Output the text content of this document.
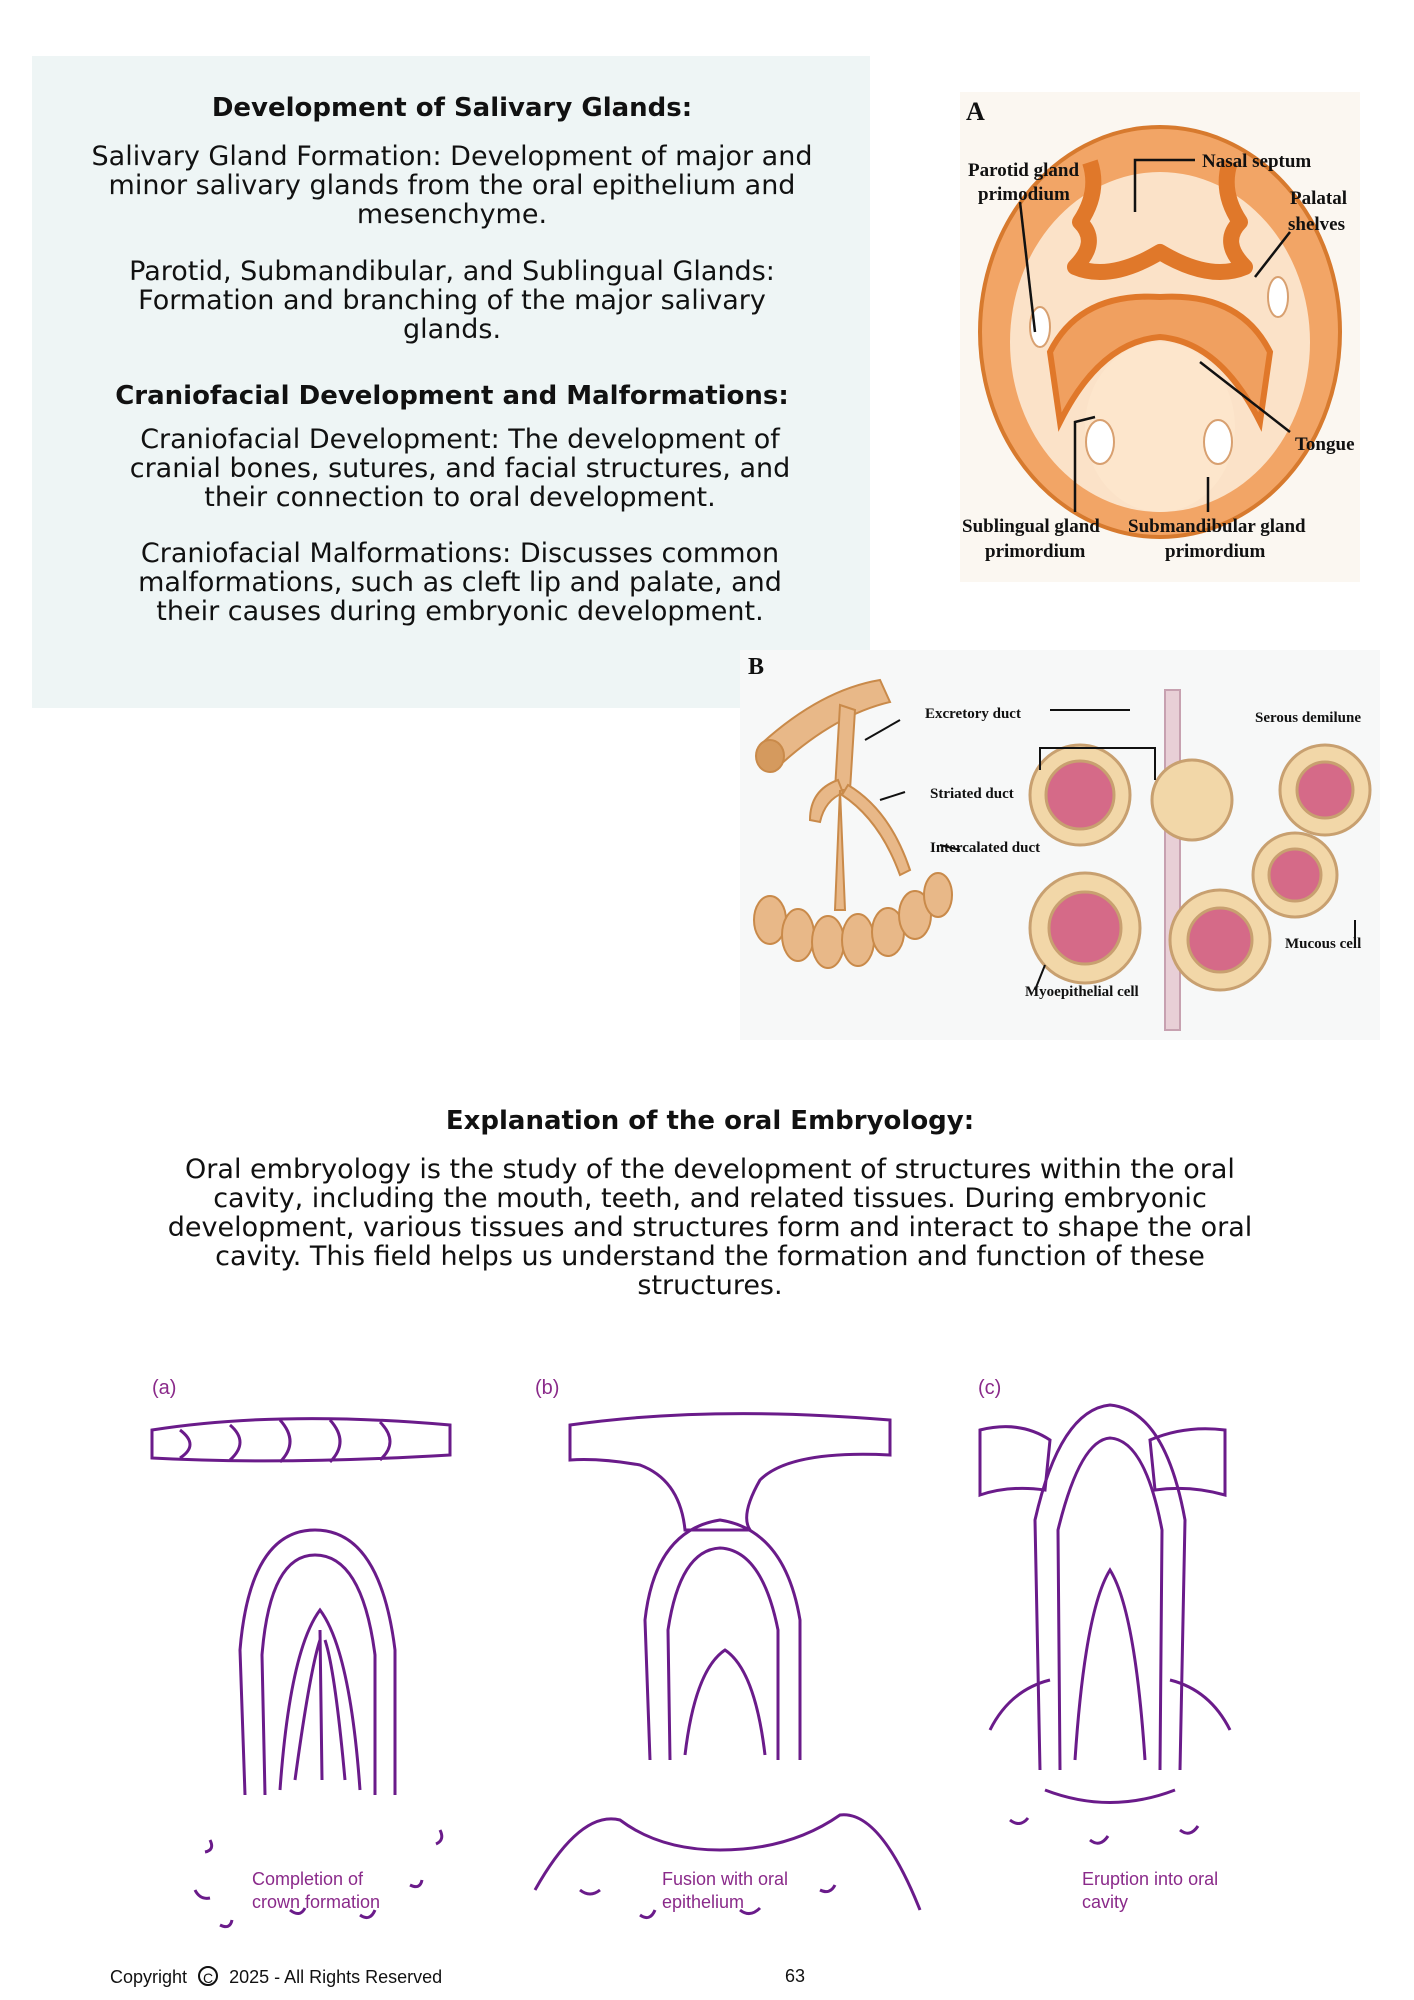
Development of Salivary Glands:
Salivary Gland Formation: Development of major and minor salivary glands from the oral epithelium and mesenchyme.
Parotid, Submandibular, and Sublingual Glands: Formation and branching of the major salivary glands.
Craniofacial Development and Malformations:
Craniofacial Development: The development of cranial bones, sutures, and facial structures, and their connection to oral development.
Craniofacial Malformations: Discusses common malformations, such as cleft lip and palate, and their causes during embryonic development.
A
Parotid gland
primodium
Nasal septum
Palatal
shelves
Tongue
Sublingual gland
primordium
Submandibular gland
primordium
B
Excretory duct	Serous demilune
Striated duct
Intercalated duct
Mucous cell
Myoepithelial cell
Explanation of the oral Embryology:
Oral embryology is the study of the development of structures within the oral cavity, including the mouth, teeth, and related tissues. During embryonic development, various tissues and structures form and interact to shape the oral cavity. This field helps us understand the formation and function of these structures.
(a)	(b)	(c)
Completion of
crown formation
Fusion with oral
epithelium
Eruption into oral
cavity
Copyright C 2025 - All Rights Reserved	63
